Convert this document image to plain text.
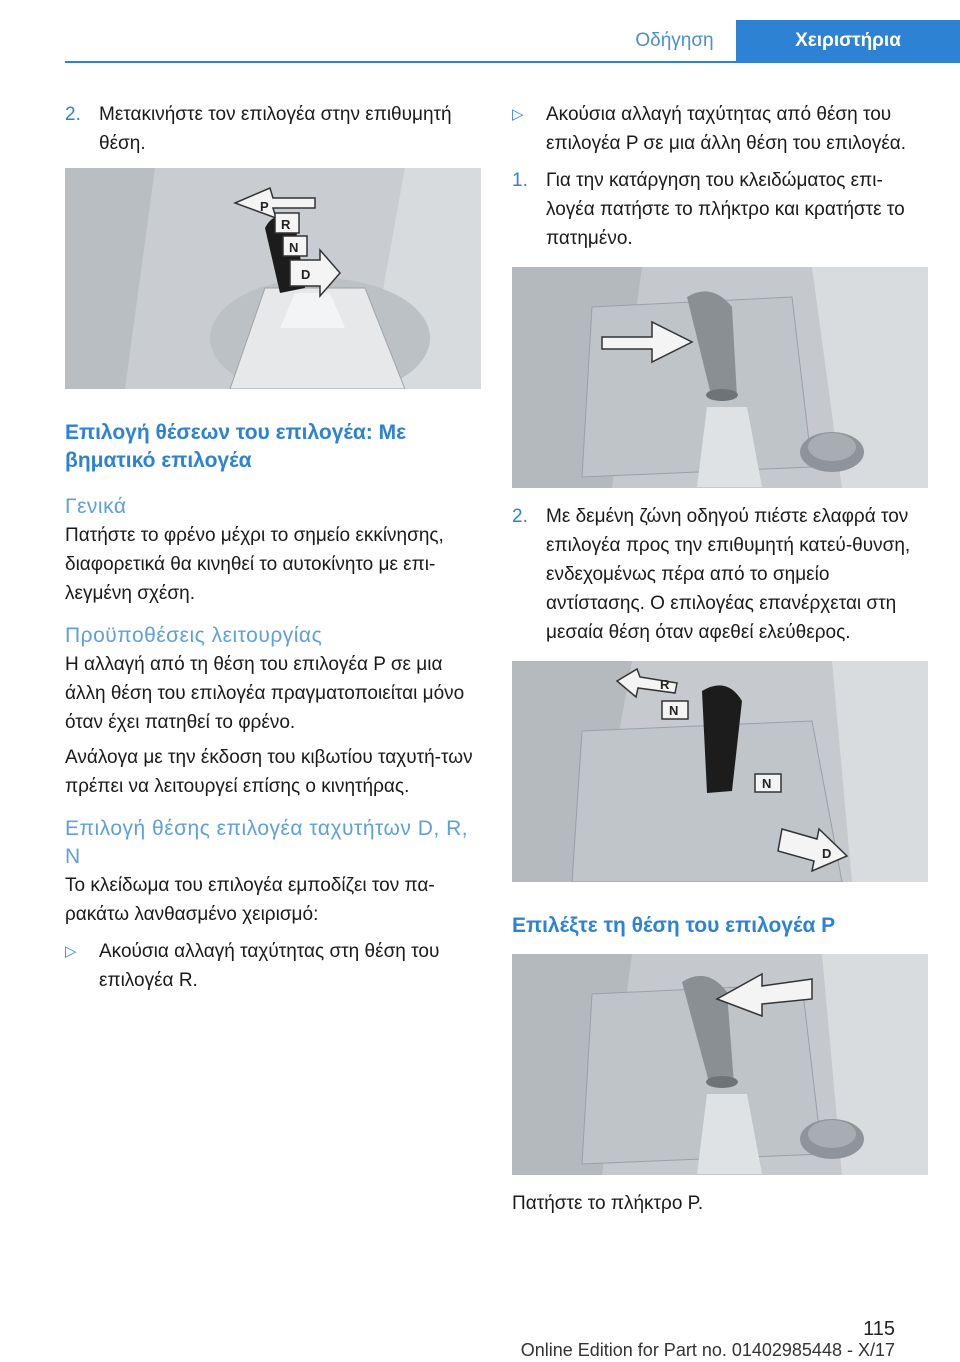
Οδήγηση	Χειριστήρια
2. Μετακινήστε τον επιλογέα στην επιθυμητή θέση.
P
R
N
D
Επιλογή θέσεων του επιλογέα: Με βηματικό επιλογέα
Γενικά
Πατήστε το φρένο μέχρι το σημείο εκκίνησης, διαφορετικά θα κινηθεί το αυτοκίνητο με επι-λεγμένη σχέση.
Προϋποθέσεις λειτουργίας
Η αλλαγή από τη θέση του επιλογέα P σε μια άλλη θέση του επιλογέα πραγματοποιείται μόνο όταν έχει πατηθεί το φρένο.
Ανάλογα με την έκδοση του κιβωτίου ταχυτή-των πρέπει να λειτουργεί επίσης ο κινητήρας.
Επιλογή θέσης επιλογέα ταχυτήτων D, R, N
Το κλείδωμα του επιλογέα εμποδίζει τον πα-ρακάτω λανθασμένο χειρισμό:
▷ Ακούσια αλλαγή ταχύτητας στη θέση του επιλογέα R.
▷ Ακούσια αλλαγή ταχύτητας από θέση του επιλογέα P σε μια άλλη θέση του επιλογέα.
1. Για την κατάργηση του κλειδώματος επι-λογέα πατήστε το πλήκτρο και κρατήστε το πατημένο.
2. Με δεμένη ζώνη οδηγού πιέστε ελαφρά τον επιλογέα προς την επιθυμητή κατεύ-θυνση, ενδεχομένως πέρα από το σημείο αντίστασης. Ο επιλογέας επανέρχεται στη μεσαία θέση όταν αφεθεί ελεύθερος.
R
N
N
D
Επιλέξτε τη θέση του επιλογέα P
Πατήστε το πλήκτρο P.
115
Online Edition for Part no. 01402985448 - X/17
